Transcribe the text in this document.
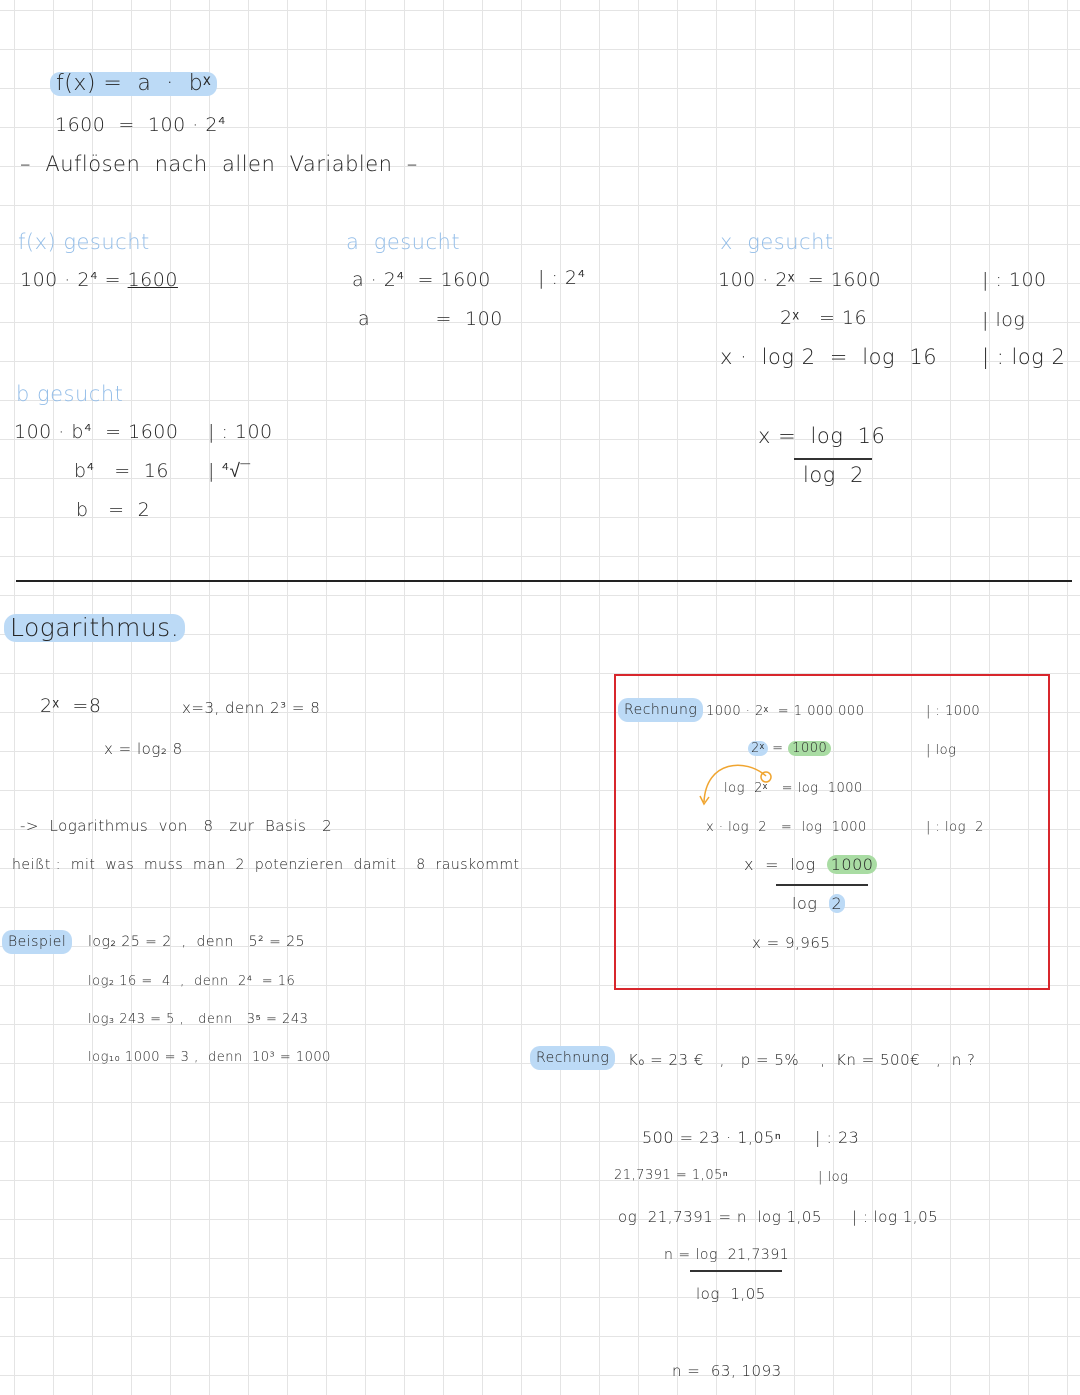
f(x) =  a  ·  bˣ
1600  =  100 · 2⁴
–  Auflösen  nach  allen  Variablen  –
f(x) gesucht
100 · 2⁴ = 1600
a  gesucht
a · 2⁴  = 1600 | : 2⁴
a          =  100
x  gesucht
100 · 2ˣ  = 1600	| : 100
2ˣ   = 16	| log
x ·  log 2  =  log  16 | : log 2
x =  log  16
log  2
b gesucht
100 · b⁴  = 1600 | : 100
b⁴   =  16 | ⁴√‾
b   =  2
Logarithmus.
2ˣ  =8	x=3, denn 2³ = 8
x = log₂ 8
->  Logarithmus  von   8   zur  Basis   2
heißt :  mit  was  muss  man  2  potenzieren  damit    8  rauskommt
Beispiel	log₂ 25 = 2  ,  denn   5² = 25
log₂ 16 =  4  ,  denn  2⁴  = 16
log₃ 243 = 5 ,   denn   3⁵ = 243
log₁₀ 1000 = 3 ,  denn  10³ = 1000
Rechnung 1000 · 2ˣ  = 1 000 000	| : 1000
2ˣ = 1000	| log
log  2ˣ   = log  1000
x · log  2   =  log  1000	| : log  2
x  =  log  1000
log  2
x = 9,965
Rechnung	K₀ = 23 €   ,   p = 5%    ,  Kn = 500€   ,  n ?
500 = 23 · 1,05ⁿ | : 23
21,7391 = 1,05ⁿ	| log
og  21,7391 = n  log 1,05 | : log 1,05
n = log  21,7391
log  1,05
n =  63, 1093
